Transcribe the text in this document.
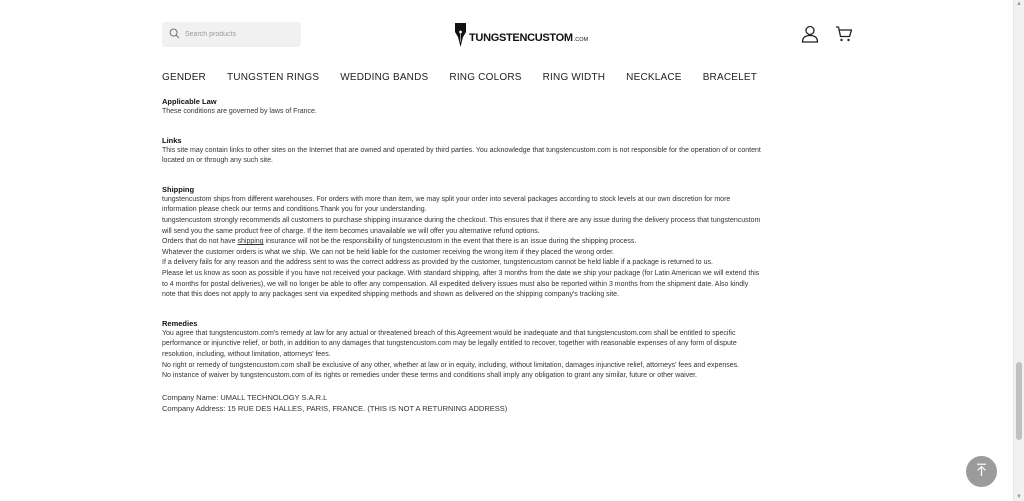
Search products
TUNGSTENCUSTOM .COM
GENDER TUNGSTEN RINGS WEDDING BANDS RING COLORS RING WIDTH NECKLACE BRACELET
Applicable Law

These conditions are governed by laws of France.

Links

This site may contain links to other sites on the Internet that are owned and operated by third parties. You acknowledge that tungstencustom.com is not responsible for the operation of or content

located on or through any such site.

Shipping

tungstencustom ships from different warehouses. For orders with more than item, we may split your order into several packages according to stock levels at our own discretion for more

information please check our terms and conditions.Thank you for your understanding.

tungstencustom strongly recommends all customers to purchase shipping insurance during the checkout. This ensures that if there are any issue during the delivery process that tungstencustom

will send you the same product free of charge. If the item becomes unavailable we will offer you alternative refund options.

Orders that do not have shipping insurance will not be the responsibility of tungstencustom in the event that there is an issue during the shipping process.

Whatever the customer orders is what we ship. We can not be held liable for the customer receiving the wrong item if they placed the wrong order.

If a delivery fails for any reason and the address sent to was the correct address as provided by the customer, tungstencustom cannot be held liable if a package is returned to us.

Please let us know as soon as possible if you have not received your package. With standard shipping, after 3 months from the date we ship your package (for Latin American we will extend this

to 4 months for postal deliveries), we will no longer be able to offer any compensation. All expedited delivery issues must also be reported within 3 months from the shipment date. Also kindly

note that this does not apply to any packages sent via expedited shipping methods and shown as delivered on the shipping company's tracking site.

Remedies

You agree that tungstencustom.com's remedy at law for any actual or threatened breach of this Agreement would be inadequate and that tungstencustom.com shall be entitled to specific

performance or injunctive relief, or both, in addition to any damages that tungstencustom.com may be legally entitled to recover, together with reasonable expenses of any form of dispute

resolution, including, without limitation, attorneys' fees.

No right or remedy of tungstencustom.com shall be exclusive of any other, whether at law or in equity, including, without limitation, damages injunctive relief, attorneys' fees and expenses.

No instance of waiver by tungstencustom.com of its rights or remedies under these terms and conditions shall imply any obligation to grant any similar, future or other waiver.

Company Name: UMALL TECHNOLOGY S.A.R.L
Company Address: 15 RUE DES HALLES, PARIS, FRANCE. (THIS IS NOT A RETURNING ADDRESS)
▲
▼
